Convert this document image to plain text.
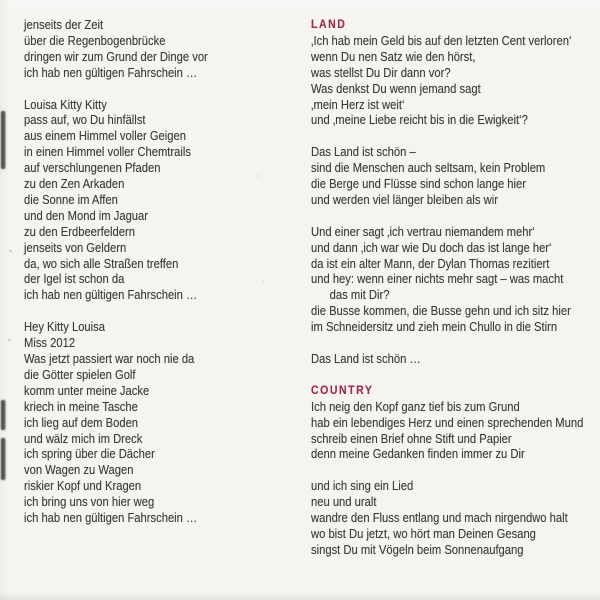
jenseits der Zeit
über die Regenbogenbrücke
dringen wir zum Grund der Dinge vor
ich hab nen gültigen Fahrschein …
Louisa Kitty Kitty
pass auf, wo Du hinfällst
aus einem Himmel voller Geigen
in einen Himmel voller Chemtrails
auf verschlungenen Pfaden
zu den Zen Arkaden
die Sonne im Affen
und den Mond im Jaguar
zu den Erdbeerfeldern
jenseits von Geldern
da, wo sich alle Straßen treffen
der Igel ist schon da
ich hab nen gültigen Fahrschein …
Hey Kitty Louisa
Miss 2012
Was jetzt passiert war noch nie da
die Götter spielen Golf
komm unter meine Jacke
kriech in meine Tasche
ich lieg auf dem Boden
und wälz mich im Dreck
ich spring über die Dächer
von Wagen zu Wagen
riskier Kopf und Kragen
ich bring uns von hier weg
ich hab nen gültigen Fahrschein …
LAND
‚Ich hab mein Geld bis auf den letzten Cent verloren‘
wenn Du nen Satz wie den hörst,
was stellst Du Dir dann vor?
Was denkst Du wenn jemand sagt
‚mein Herz ist weit‘
und ‚meine Liebe reicht bis in die Ewigkeit‘?
Das Land ist schön –
sind die Menschen auch seltsam, kein Problem
die Berge und Flüsse sind schon lange hier
und werden viel länger bleiben als wir
Und einer sagt ‚ich vertrau niemandem mehr‘
und dann ‚ich war wie Du doch das ist lange her‘
da ist ein alter Mann, der Dylan Thomas rezitiert
und hey: wenn einer nichts mehr sagt – was macht
das mit Dir?
die Busse kommen, die Busse gehn und ich sitz hier
im Schneidersitz und zieh mein Chullo in die Stirn
Das Land ist schön …
COUNTRY
Ich neig den Kopf ganz tief bis zum Grund
hab ein lebendiges Herz und einen sprechenden Mund
schreib einen Brief ohne Stift und Papier
denn meine Gedanken finden immer zu Dir
und ich sing ein Lied
neu und uralt
wandre den Fluss entlang und mach nirgendwo halt
wo bist Du jetzt, wo hört man Deinen Gesang
singst Du mit Vögeln beim Sonnenaufgang
